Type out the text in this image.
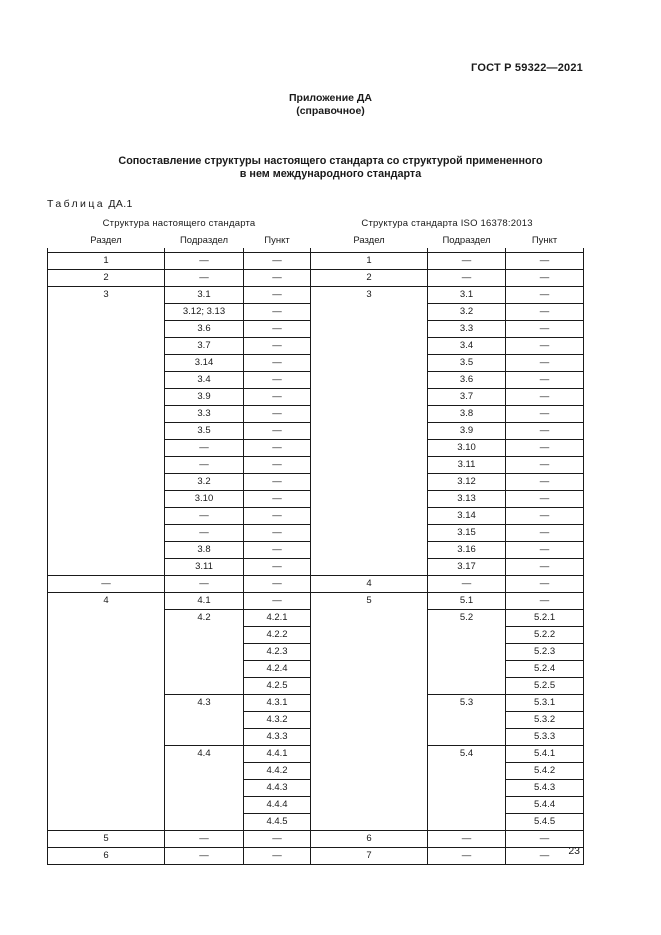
ГОСТ Р 59322—2021
Приложение ДА
(справочное)
Сопоставление структуры настоящего стандарта со структурой примененного
в нем международного стандарта
Таблица ДА.1
Структура настоящего стандарта			Структура стандарта ISO 16378:2013		
Раздел	Подраздел	Пункт	Раздел	Подраздел	Пункт

1	—	—	1	—	—
2	—	—	2	—	—
3	3.1	—	3	3.1	—
	3.12; 3.13	—		3.2	—
	3.6	—		3.3	—
	3.7	—		3.4	—
	3.14	—		3.5	—
	3.4	—		3.6	—
	3.9	—		3.7	—
	3.3	—		3.8	—
	3.5	—		3.9	—
	—	—		3.10	—
	—	—		3.11	—
	3.2	—		3.12	—
	3.10	—		3.13	—
	—	—		3.14	—
	—	—		3.15	—
	3.8	—		3.16	—
	3.11	—		3.17	—
—	—	—	4	—	—
4	4.1	—	5	5.1	—
	4.2	4.2.1		5.2	5.2.1
		4.2.2			5.2.2
		4.2.3			5.2.3
		4.2.4			5.2.4
		4.2.5			5.2.5
	4.3	4.3.1		5.3	5.3.1
		4.3.2			5.3.2
		4.3.3			5.3.3
	4.4	4.4.1		5.4	5.4.1
		4.4.2			5.4.2
		4.4.3			5.4.3
		4.4.4			5.4.4
		4.4.5			5.4.5
5	—	—	6	—	—
6	—	—	7	—	— 23
